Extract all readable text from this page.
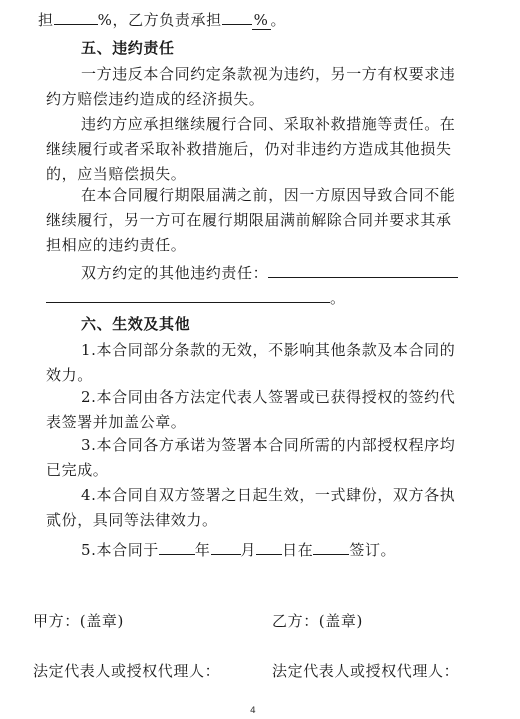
担	%，乙方负责承担 % 。
五、违约责任
一方违反本合同约定条款视为违约，另一方有权要求违
约方赔偿违约造成的经济损失。
违约方应承担继续履行合同、采取补救措施等责任。在
继续履行或者采取补救措施后，仍对非违约方造成其他损失
的，应当赔偿损失。
在本合同履行期限届满之前，因一方原因导致合同不能
继续履行，另一方可在履行期限届满前解除合同并要求其承
担相应的违约责任。
双方约定的其他违约责任：
。
六、生效及其他
1.本合同部分条款的无效，不影响其他条款及本合同的
效力。
2.本合同由各方法定代表人签署或已获得授权的签约代
表签署并加盖公章。
3.本合同各方承诺为签署本合同所需的内部授权程序均
已完成。
4.本合同自双方签署之日起生效，一式肆份，双方各执
贰份，具同等法律效力。
5.本合同于 年 月 日在 签订。
甲方：(盖章)	乙方：(盖章)
法定代表人或授权代理人：	法定代表人或授权代理人：
4
